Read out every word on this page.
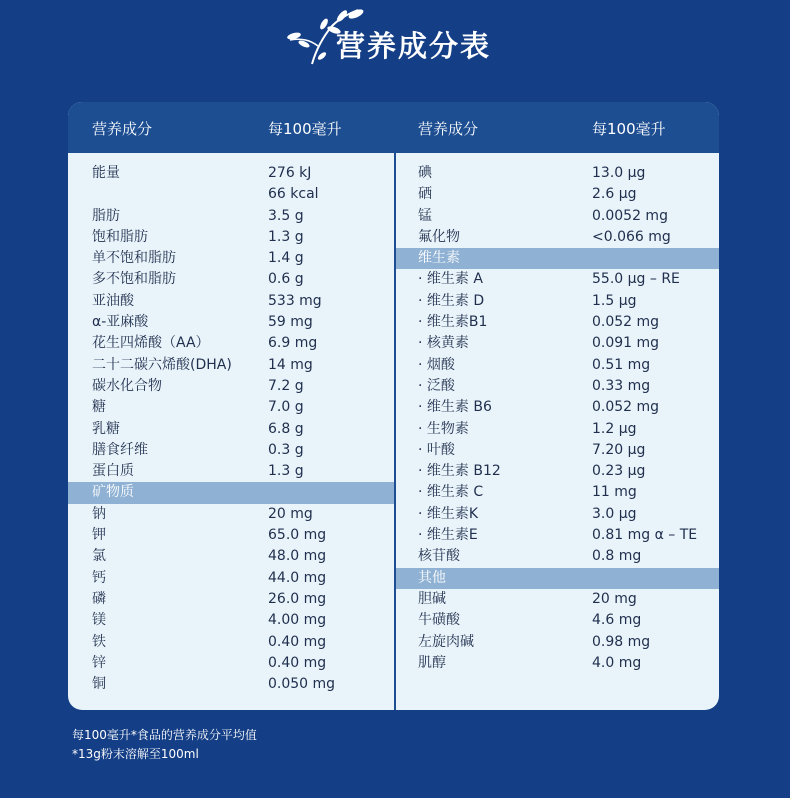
营养成分表
营养成分	每100毫升	营养成分	每100毫升
能量	276 kJ
66 kcal
脂肪	3.5 g
饱和脂肪	1.3 g
单不饱和脂肪	1.4 g
多不饱和脂肪	0.6 g
亚油酸	533 mg
α-亚麻酸	59 mg
花生四烯酸（AA）	6.9 mg
二十二碳六烯酸(DHA)	14 mg
碳水化合物	7.2 g
糖	7.0 g
乳糖	6.8 g
膳食纤维	0.3 g
蛋白质	1.3 g
矿物质
钠	20 mg
钾	65.0 mg
氯	48.0 mg
钙	44.0 mg
磷	26.0 mg
镁	4.00 mg
铁	0.40 mg
锌	0.40 mg
铜	0.050 mg
碘	13.0 μg
硒	2.6 μg
锰	0.0052 mg
氟化物	<0.066 mg
维生素
· 维生素 A	55.0 μg – RE
· 维生素 D	1.5 μg
· 维生素B1	0.052 mg
· 核黄素	0.091 mg
· 烟酸	0.51 mg
· 泛酸	0.33 mg
· 维生素 B6	0.052 mg
· 生物素	1.2 μg
· 叶酸	7.20 μg
· 维生素 B12	0.23 μg
· 维生素 C	11 mg
· 维生素K	3.0 μg
· 维生素E	0.81 mg α – TE
核苷酸	0.8 mg
其他
胆碱	20 mg
牛磺酸	4.6 mg
左旋肉碱	0.98 mg
肌醇	4.0 mg
每100毫升*食品的营养成分平均值
*13g粉末溶解至100ml
